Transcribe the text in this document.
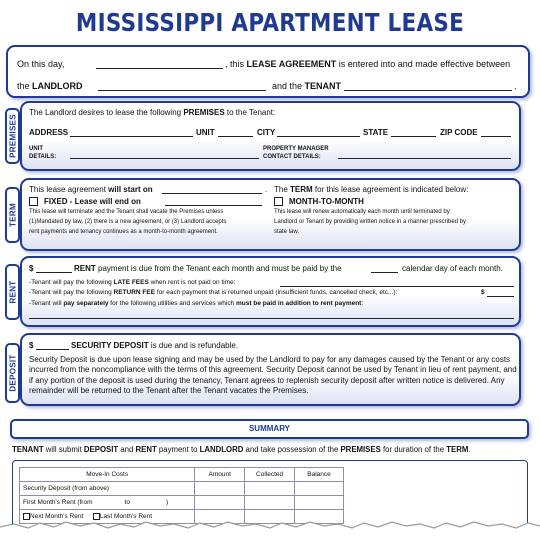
MISSISSIPPI APARTMENT LEASE
On this day,	, this LEASE AGREEMENT is entered into and made effective between
the LANDLORD	and the TENANT	.
PREMISES
The Landlord desires to lease the following PREMISES to the Tenant:
ADDRESS	UNIT	CITY	STATE	ZIP CODE
UNIT
DETAILS:
PROPERTY MANAGER
CONTACT DETAILS:
TERM
This lease agreement will start on	. The TERM for this lease agreement is indicated below:
FIXED - Lease will end on
This lease will terminate and the Tenant shall vacate the Premises unless
(1)Mandated by law, (2) there is a new agreement, or (3) Landlord accepts
rent payments and tenancy continues as a month-to-month agreement.
MONTH-TO-MONTH
This lease will renew automatically each month until terminated by
Landlord or Tenant by providing written notice in a manner prescribed by
state law.
RENT
$	RENT payment is due from the Tenant each month and must be paid by the	calendar day of each month.
-Tenant will pay the following LATE FEES when rent is not paid on time:
-Tenant will pay the following RETURN FEE for each payment that is returned unpaid (insufficient funds, cancelled check, etc...):	$
-Tenant will pay separately for the following utilities and services which must be paid in addition to rent payment:
DEPOSIT
$	SECURITY DEPOSIT is due and is refundable.
Security Deposit is due upon lease signing and may be used by the Landlord to pay for any damages caused by the Tenant or any costs incurred from the noncompliance with the terms of this agreement. Security Deposit cannot be used by Tenant in lieu of rent payment, and if any portion of the deposit is used during the tenancy, Tenant agrees to replenish security deposit after written notice is delivered. Any remainder will be returned to the Tenant after the Tenant vacates the Premises.
SUMMARY
TENANT will submit DEPOSIT and RENT payment to LANDLORD and take possession of the PREMISES for duration of the TERM.
Move-In Costs	Amount	Collected	Balance
Security Deposit (from above)			
First Month's Rent (from to )			
Next Month's Rent Last Month's Rent			
